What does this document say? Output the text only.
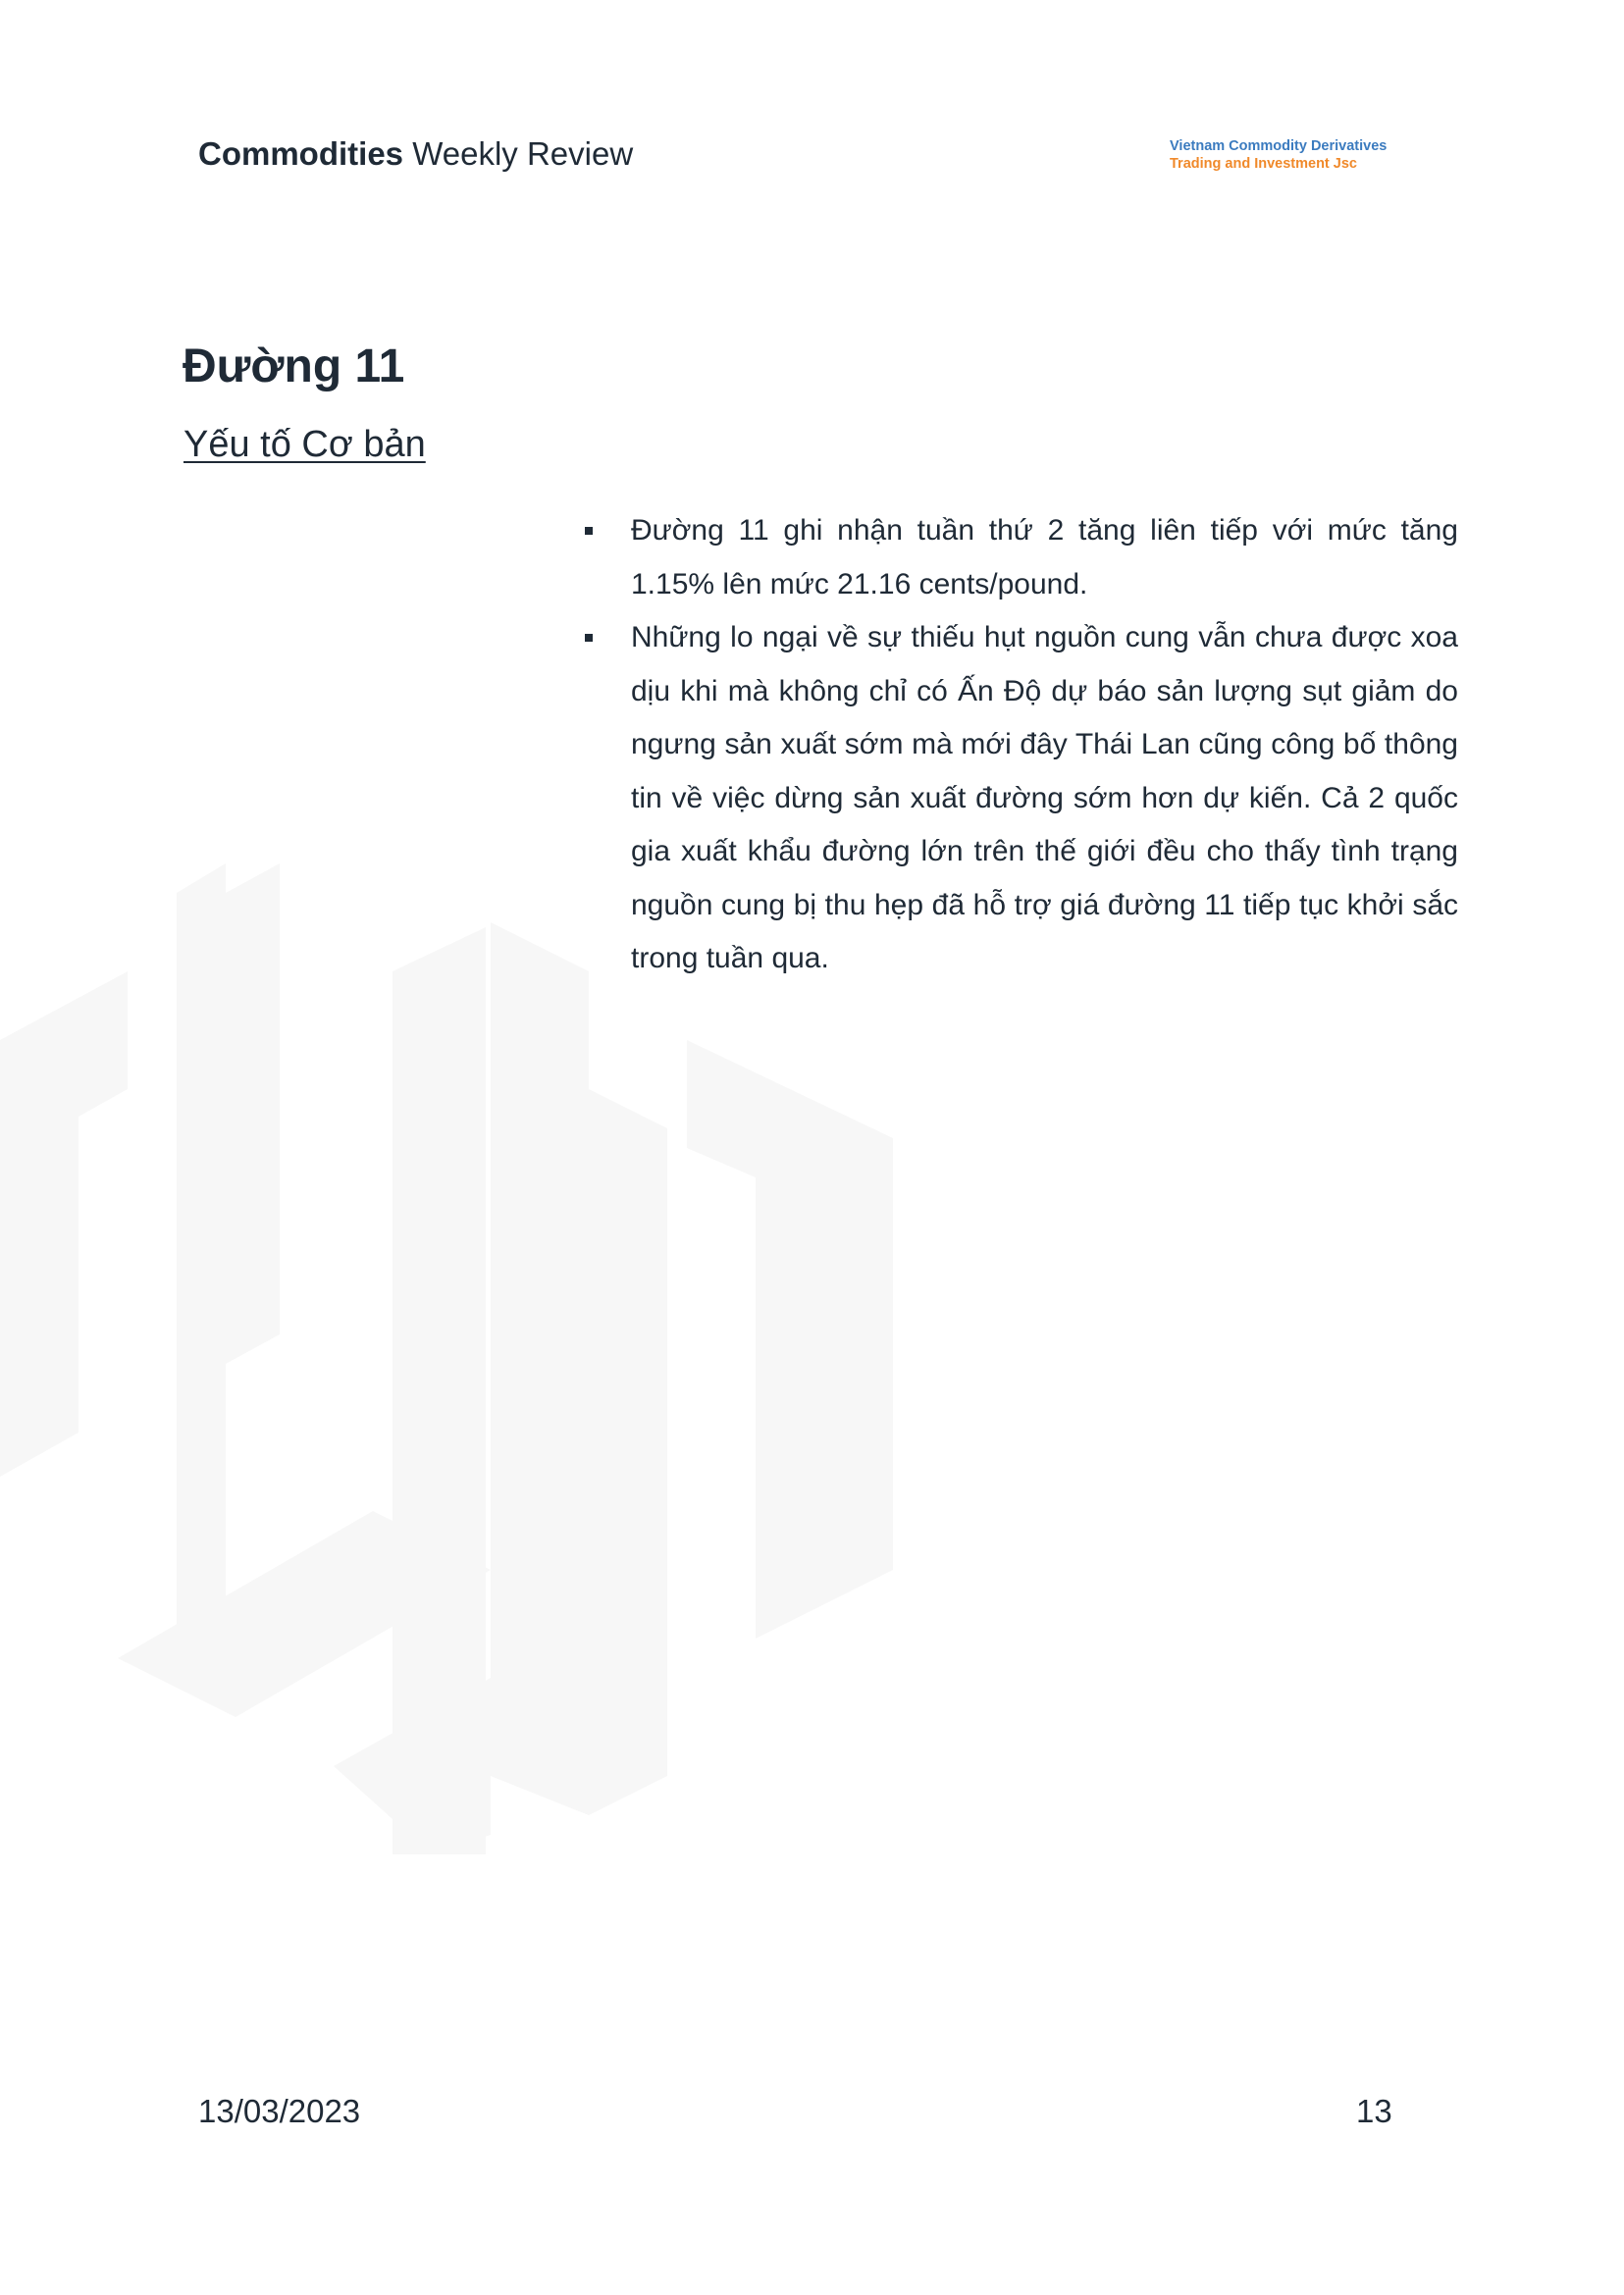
Commodities Weekly Review	Vietnam Commodity Derivatives
Trading and Investment Jsc
Đường 11
Yếu tố Cơ bản
Đường 11 ghi nhận tuần thứ 2 tăng liên tiếp với mức tăng 1.15% lên mức 21.16 cents/pound.
Những lo ngại về sự thiếu hụt nguồn cung vẫn chưa được xoa dịu khi mà không chỉ có Ấn Độ dự báo sản lượng sụt giảm do ngưng sản xuất sớm mà mới đây Thái Lan cũng công bố thông tin về việc dừng sản xuất đường sớm hơn dự kiến. Cả 2 quốc gia xuất khẩu đường lớn trên thế giới đều cho thấy tình trạng nguồn cung bị thu hẹp đã hỗ trợ giá đường 11 tiếp tục khởi sắc trong tuần qua.
13/03/2023	13
